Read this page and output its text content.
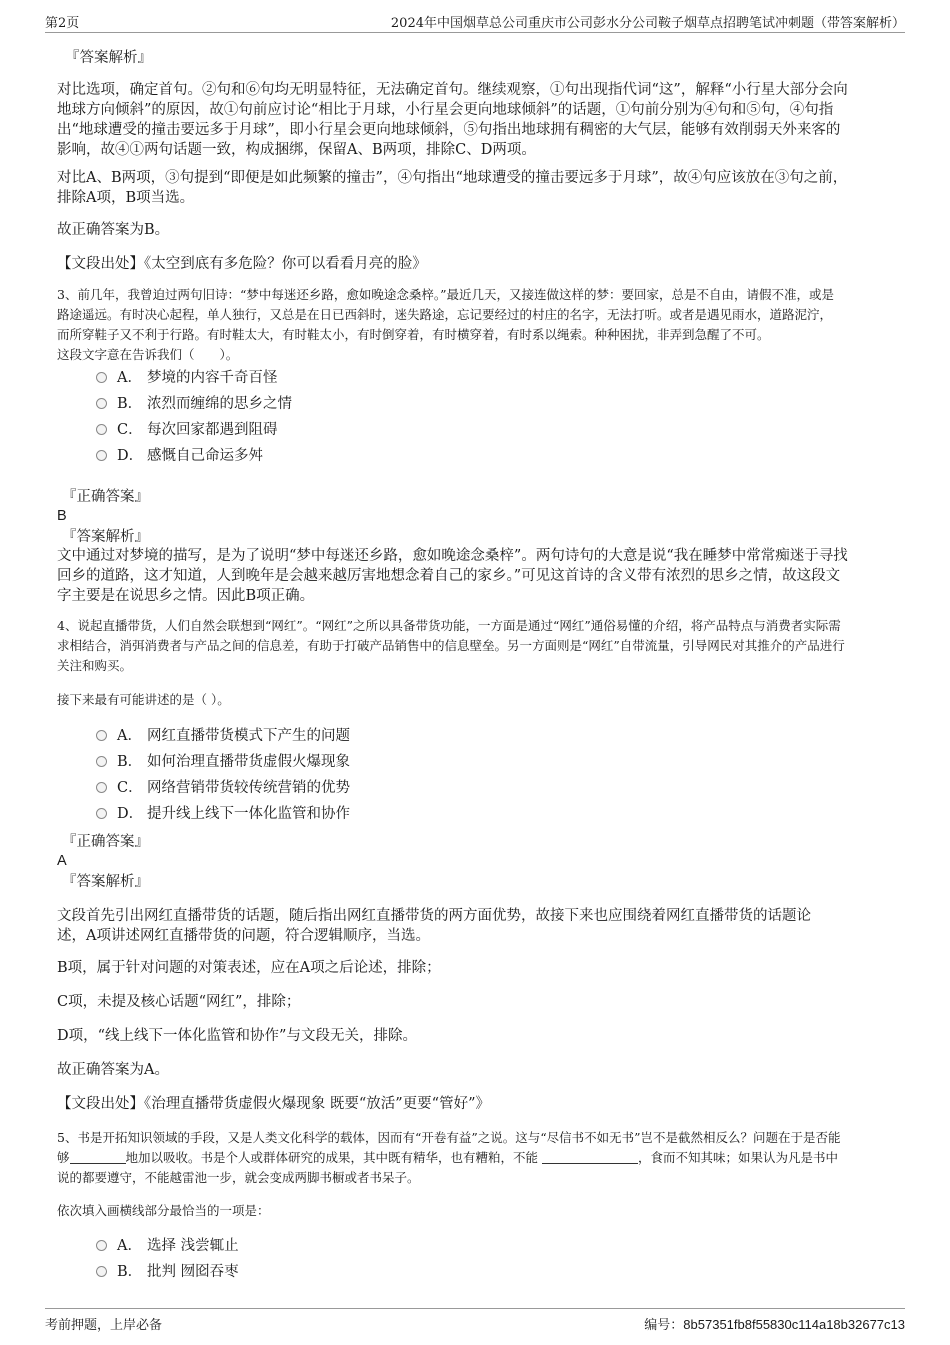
第2页	2024年中国烟草总公司重庆市公司彭水分公司鞍子烟草点招聘笔试冲刺题（带答案解析）
『答案解析』
对比选项，确定首句。②句和⑥句均无明显特征，无法确定首句。继续观察，①句出现指代词“这”，解释“小行星大部分会向
地球方向倾斜”的原因，故①句前应讨论“相比于月球，小行星会更向地球倾斜”的话题，①句前分别为④句和⑤句，④句指
出“地球遭受的撞击要远多于月球”，即小行星会更向地球倾斜，⑤句指出地球拥有稠密的大气层，能够有效削弱天外来客的
影响，故④①两句话题一致，构成捆绑，保留A、B两项，排除C、D两项。
对比A、B两项，③句提到“即便是如此频繁的撞击”，④句指出“地球遭受的撞击要远多于月球”，故④句应该放在③句之前，
排除A项，B项当选。
故正确答案为B。
【文段出处】《太空到底有多危险？你可以看看月亮的脸》
3、前几年，我曾迫过两句旧诗：“梦中每迷还乡路，愈如晚途念桑梓。”最近几天，又接连做这样的梦：要回家，总是不自由，请假不准，或是
路途遥远。有时决心起程，单人独行，又总是在日已西斜时，迷失路途，忘记要经过的村庄的名字，无法打听。或者是遇见雨水，道路泥泞，
而所穿鞋子又不利于行路。有时鞋太大，有时鞋太小，有时倒穿着，有时横穿着，有时系以绳索。种种困扰，非弄到急醒了不可。
这段文字意在告诉我们（　　）。
A． 梦境的内容千奇百怪
B． 浓烈而缠绵的思乡之情
C． 每次回家都遇到阻碍
D． 感慨自己命运多舛
『正确答案』
B
『答案解析』
文中通过对梦境的描写，是为了说明“梦中每迷还乡路，愈如晚途念桑梓”。两句诗句的大意是说“我在睡梦中常常痴迷于寻找
回乡的道路，这才知道，人到晚年是会越来越厉害地想念着自己的家乡。”可见这首诗的含义带有浓烈的思乡之情，故这段文
字主要是在说思乡之情。因此B项正确。
4、说起直播带货，人们自然会联想到“网红”。“网红”之所以具备带货功能，一方面是通过“网红”通俗易懂的介绍，将产品特点与消费者实际需
求相结合，消弭消费者与产品之间的信息差，有助于打破产品销售中的信息壁垒。另一方面则是“网红”自带流量，引导网民对其推介的产品进行
关注和购买。
接下来最有可能讲述的是（ ）。
A． 网红直播带货模式下产生的问题
B． 如何治理直播带货虚假火爆现象
C． 网络营销带货较传统营销的优势
D． 提升线上线下一体化监管和协作
『正确答案』
A
『答案解析』
文段首先引出网红直播带货的话题，随后指出网红直播带货的两方面优势，故接下来也应围绕着网红直播带货的话题论
述，A项讲述网红直播带货的问题，符合逻辑顺序，当选。
B项，属于针对问题的对策表述，应在A项之后论述，排除；
C项，未提及核心话题“网红”，排除；
D项，“线上线下一体化监管和协作”与文段无关，排除。
故正确答案为A。
【文段出处】《治理直播带货虚假火爆现象 既要“放活”更要“管好”》
5、书是开拓知识领域的手段，又是人类文化科学的载体，因而有“开卷有益”之说。这与“尽信书不如无书”岂不是截然相反么？问题在于是否能
够	地加以吸收。书是个人或群体研究的成果，其中既有精华，也有糟粕，不能	，食而不知其味；如果认为凡是书中
说的都要遵守，不能越雷池一步，就会变成两脚书橱或者书呆子。
依次填入画横线部分最恰当的一项是：
A． 选择 浅尝辄止
B． 批判 囫囵吞枣
考前押题，上岸必备	编号：8b57351fb8f55830c114a18b32677c13
